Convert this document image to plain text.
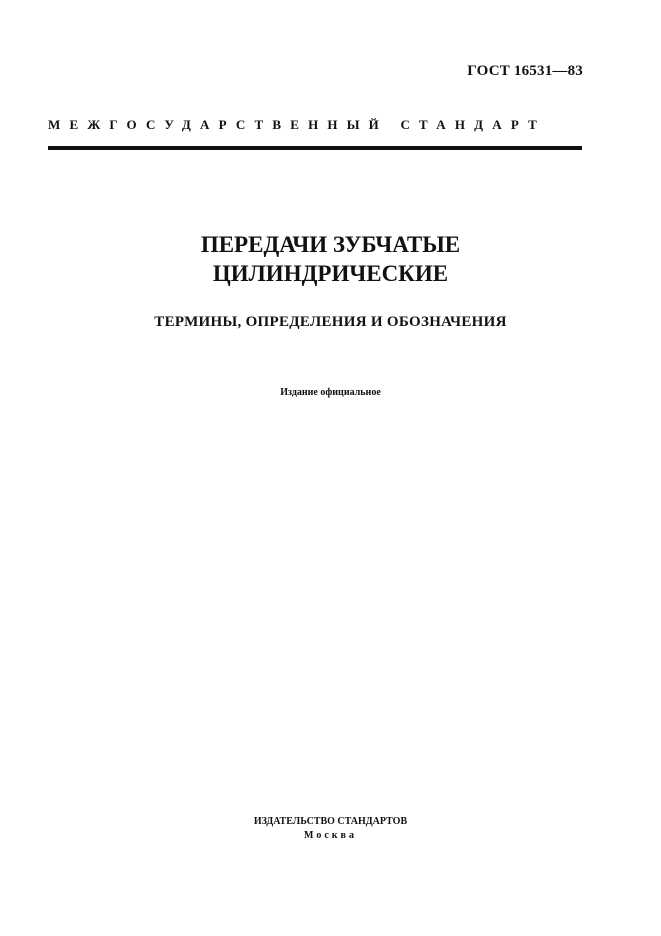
ГОСТ 16531—83
МЕЖГОСУДАРСТВЕННЫЙ СТАНДАРТ
ПЕРЕДАЧИ ЗУБЧАТЫЕ
ЦИЛИНДРИЧЕСКИЕ
ТЕРМИНЫ, ОПРЕДЕЛЕНИЯ И ОБОЗНАЧЕНИЯ
Издание официальное
ИЗДАТЕЛЬСТВО СТАНДАРТОВ
Москва
